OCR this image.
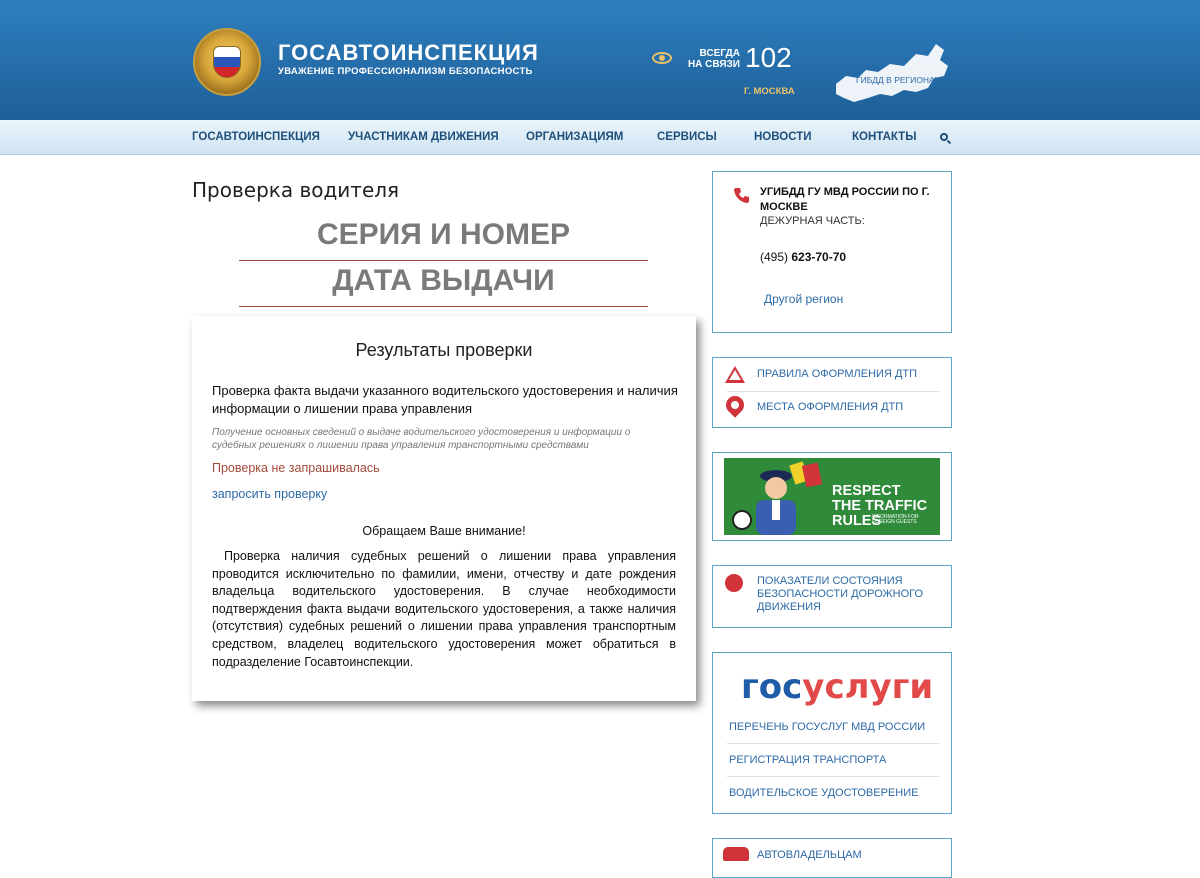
ГОСАВТОИНСПЕКЦИЯ
УВАЖЕНИЕ ПРОФЕССИОНАЛИЗМ БЕЗОПАСНОСТЬ
ВСЕГДА
НА СВЯЗИ 102
Г. МОСКВА
ГИБДД В РЕГИОНАХ
ГОСАВТОИНСПЕКЦИЯ УЧАСТНИКАМ ДВИЖЕНИЯ ОРГАНИЗАЦИЯМ	СЕРВИСЫ	НОВОСТИ	КОНТАКТЫ
Проверка водителя
СЕРИЯ И НОМЕР
ДАТА ВЫДАЧИ
Результаты проверки
Проверка факта выдачи указанного водительского удостоверения и наличия информации о лишении права управления
Получение основных сведений о выдаче водительского удостоверения и информации о судебных решениях о лишении права управления транспортными средствами
Проверка не запрашивалась
запросить проверку
Обращаем Ваше внимание!
Проверка наличия судебных решений о лишении права управления проводится исключительно по фамилии, имени, отчеству и дате рождения владельца водительского удостоверения. В случае необходимости подтверждения факта выдачи водительского удостоверения, а также наличия (отсутствия) судебных решений о лишении права управления транспортным средством, владелец водительского удостоверения может обратиться в подразделение Госавтоинспекции.
УГИБДД ГУ МВД РОССИИ ПО Г. МОСКВЕ
ДЕЖУРНАЯ ЧАСТЬ:
(495) 623-70-70
Другой регион
ПРАВИЛА ОФОРМЛЕНИЯ ДТП
МЕСТА ОФОРМЛЕНИЯ ДТП
RESPECT
THE TRAFFIC
RULES
INFORMATION FOR FOREIGN GUESTS
ПОКАЗАТЕЛИ СОСТОЯНИЯ БЕЗОПАСНОСТИ ДОРОЖНОГО ДВИЖЕНИЯ
госуслуги
ПЕРЕЧЕНЬ ГОСУСЛУГ МВД РОССИИ
РЕГИСТРАЦИЯ ТРАНСПОРТА
ВОДИТЕЛЬСКОЕ УДОСТОВЕРЕНИЕ
АВТОВЛАДЕЛЬЦАМ
